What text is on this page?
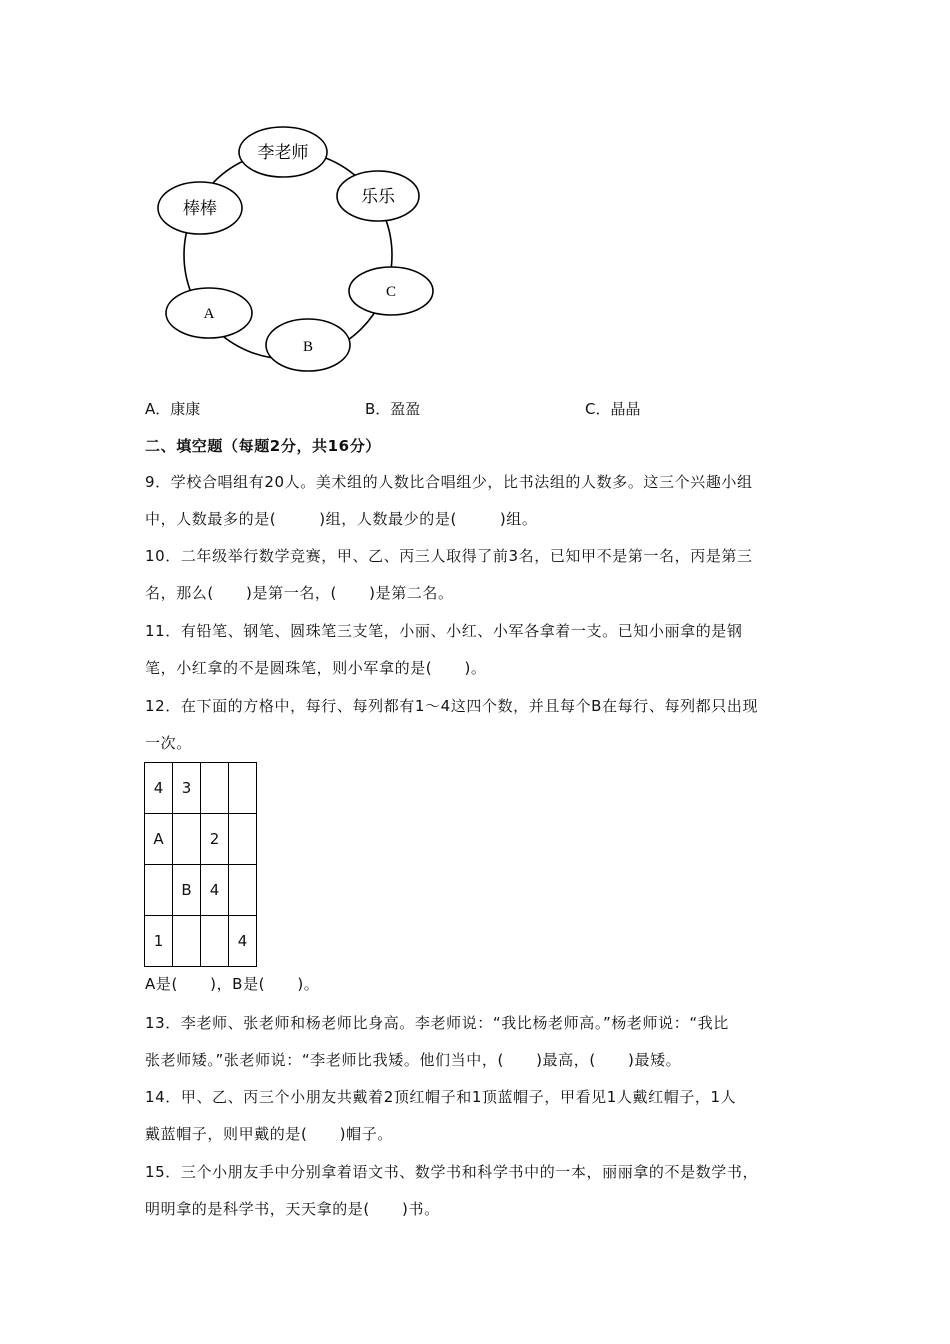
李老师
乐乐
棒棒
C
A
B
A．康康	B．盈盈	C．晶晶
二、填空题（每题2分，共16分）
9．学校合唱组有20人。美术组的人数比合唱组少，比书法组的人数多。这三个兴趣小组
中，人数最多的是(        )组，人数最少的是(        )组。
10．二年级举行数学竞赛，甲、乙、丙三人取得了前3名，已知甲不是第一名，丙是第三
名，那么(      )是第一名，(      )是第二名。
11．有铅笔、钢笔、圆珠笔三支笔，小丽、小红、小军各拿着一支。已知小丽拿的是钢
笔，小红拿的不是圆珠笔，则小军拿的是(      )。
12．在下面的方格中，每行、每列都有1～4这四个数，并且每个B在每行、每列都只出现
一次。
4	3		
A		2	
	B	4	
1			4
A是(      )，B是(      )。
13．李老师、张老师和杨老师比身高。李老师说：“我比杨老师高。”杨老师说：“我比
张老师矮。”张老师说：“李老师比我矮。他们当中，(      )最高，(      )最矮。
14．甲、乙、丙三个小朋友共戴着2顶红帽子和1顶蓝帽子，甲看见1人戴红帽子，1人
戴蓝帽子，则甲戴的是(      )帽子。
15．三个小朋友手中分别拿着语文书、数学书和科学书中的一本，丽丽拿的不是数学书，
明明拿的是科学书，天天拿的是(      )书。
